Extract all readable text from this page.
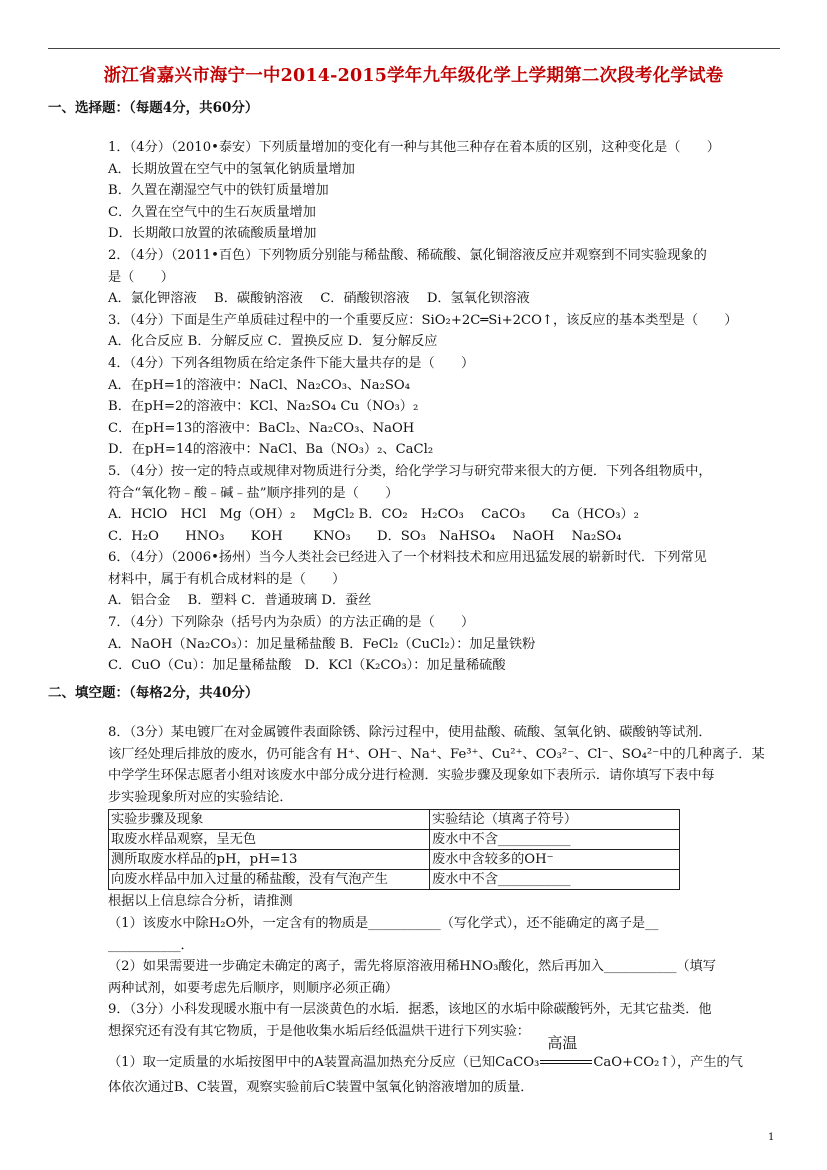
浙江省嘉兴市海宁一中2014-2015学年九年级化学上学期第二次段考化学试卷
一、选择题：（每题4分，共60分）
1．（4分）（2010•泰安）下列质量增加的变化有一种与其他三种存在着本质的区别，这种变化是（　　）
A．长期放置在空气中的氢氧化钠质量增加
B．久置在潮湿空气中的铁钉质量增加
C．久置在空气中的生石灰质量增加
D．长期敞口放置的浓硫酸质量增加
2．（4分）（2011•百色）下列物质分别能与稀盐酸、稀硫酸、氯化铜溶液反应并观察到不同实验现象的
是（　　）
A．氯化钾溶液　 B．碳酸钠溶液　 C．硝酸钡溶液　 D．氢氧化钡溶液
3．（4分）下面是生产单质硅过程中的一个重要反应：SiO₂+2C═Si+2CO↑，该反应的基本类型是（　　）
A．化合反应 B．分解反应 C．置换反应 D．复分解反应
4．（4分）下列各组物质在给定条件下能大量共存的是（　　）
A．在pH=1的溶液中：NaCl、Na₂CO₃、Na₂SO₄
B．在pH=2的溶液中：KCl、Na₂SO₄ Cu（NO₃）₂
C．在pH=13的溶液中：BaCl₂、Na₂CO₃、NaOH
D．在pH=14的溶液中：NaCl、Ba（NO₃）₂、CaCl₂
5．（4分）按一定的特点或规律对物质进行分类，给化学学习与研究带来很大的方便．下列各组物质中，
符合“氧化物﹣酸﹣碱﹣盐”顺序排列的是（　　）
A．HClO　HCl　Mg（OH）₂　 MgCl₂ B．CO₂　H₂CO₃　 CaCO₃　　Ca（HCO₃）₂
C．H₂O　　HNO₃　　KOH　　 KNO₃　　D．SO₃　NaHSO₄　 NaOH　 Na₂SO₄
6．（4分）（2006•扬州）当今人类社会已经进入了一个材料技术和应用迅猛发展的崭新时代．下列常见
材料中，属于有机合成材料的是（　　）
A．铝合金　 B．塑料 C．普通玻璃 D．蚕丝
7．（4分）下列除杂（括号内为杂质）的方法正确的是（　　）
A．NaOH（Na₂CO₃）：加足量稀盐酸 B．FeCl₂（CuCl₂）：加足量铁粉
C．CuO（Cu）：加足量稀盐酸　D．KCl（K₂CO₃）：加足量稀硫酸
二、填空题：（每格2分，共40分）
8．（3分）某电镀厂在对金属镀件表面除锈、除污过程中，使用盐酸、硫酸、氢氧化钠、碳酸钠等试剂．
该厂经处理后排放的废水，仍可能含有 H⁺、OH⁻、Na⁺、Fe³⁺、Cu²⁺、CO₃²⁻、Cl⁻、SO₄²⁻中的几种离子．某
中学学生环保志愿者小组对该废水中部分成分进行检测．实验步骤及现象如下表所示．请你填写下表中每
步实验现象所对应的实验结论．
实验步骤及现象	实验结论（填离子符号）
取废水样品观察，呈无色	废水中不含___________
测所取废水样品的pH，pH=13	废水中含较多的OH⁻
向废水样品中加入过量的稀盐酸，没有气泡产生	废水中不含___________
根据以上信息综合分析，请推测
（1）该废水中除H₂O外，一定含有的物质是___________（写化学式），还不能确定的离子是__
___________．
（2）如果需要进一步确定未确定的离子，需先将原溶液用稀HNO₃酸化，然后再加入___________（填写
两种试剂，如要考虑先后顺序，则顺序必须正确）
9．（3分）小科发现暖水瓶中有一层淡黄色的水垢．据悉，该地区的水垢中除碳酸钙外，无其它盐类．他
想探究还有没有其它物质，于是他收集水垢后经低温烘干进行下列实验：
（1）取一定质量的水垢按图甲中的A装置高温加热充分反应（已知CaCO₃
高温
CaO+CO₂↑），产生的气
体依次通过B、C装置，观察实验前后C装置中氢氧化钠溶液增加的质量．
1
